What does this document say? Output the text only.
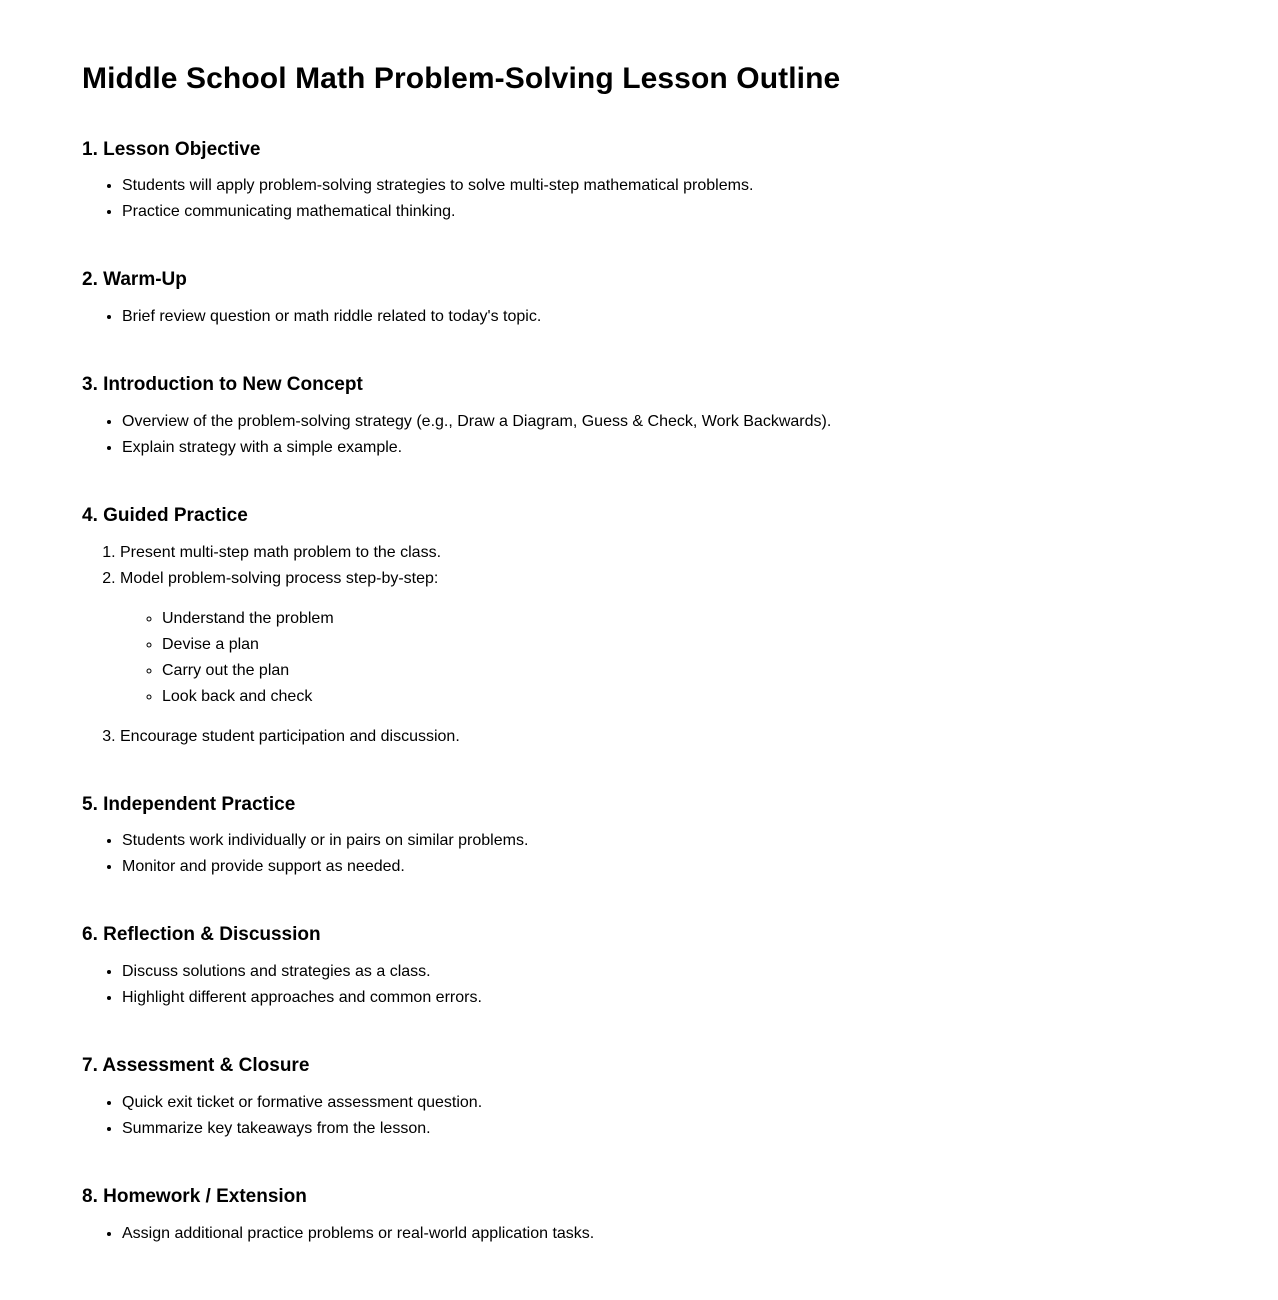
Middle School Math Problem-Solving Lesson Outline
1. Lesson Objective
• Students will apply problem-solving strategies to solve multi-step mathematical problems.
• Practice communicating mathematical thinking.
2. Warm-Up
• Brief review question or math riddle related to today's topic.
3. Introduction to New Concept
• Overview of the problem-solving strategy (e.g., Draw a Diagram, Guess & Check, Work Backwards).
• Explain strategy with a simple example.
4. Guided Practice
1. Present multi-step math problem to the class.
2. Model problem-solving process step-by-step:
◦ Understand the problem
◦ Devise a plan
◦ Carry out the plan
◦ Look back and check
3. Encourage student participation and discussion.
5. Independent Practice
• Students work individually or in pairs on similar problems.
• Monitor and provide support as needed.
6. Reflection & Discussion
• Discuss solutions and strategies as a class.
• Highlight different approaches and common errors.
7. Assessment & Closure
• Quick exit ticket or formative assessment question.
• Summarize key takeaways from the lesson.
8. Homework / Extension
• Assign additional practice problems or real-world application tasks.
